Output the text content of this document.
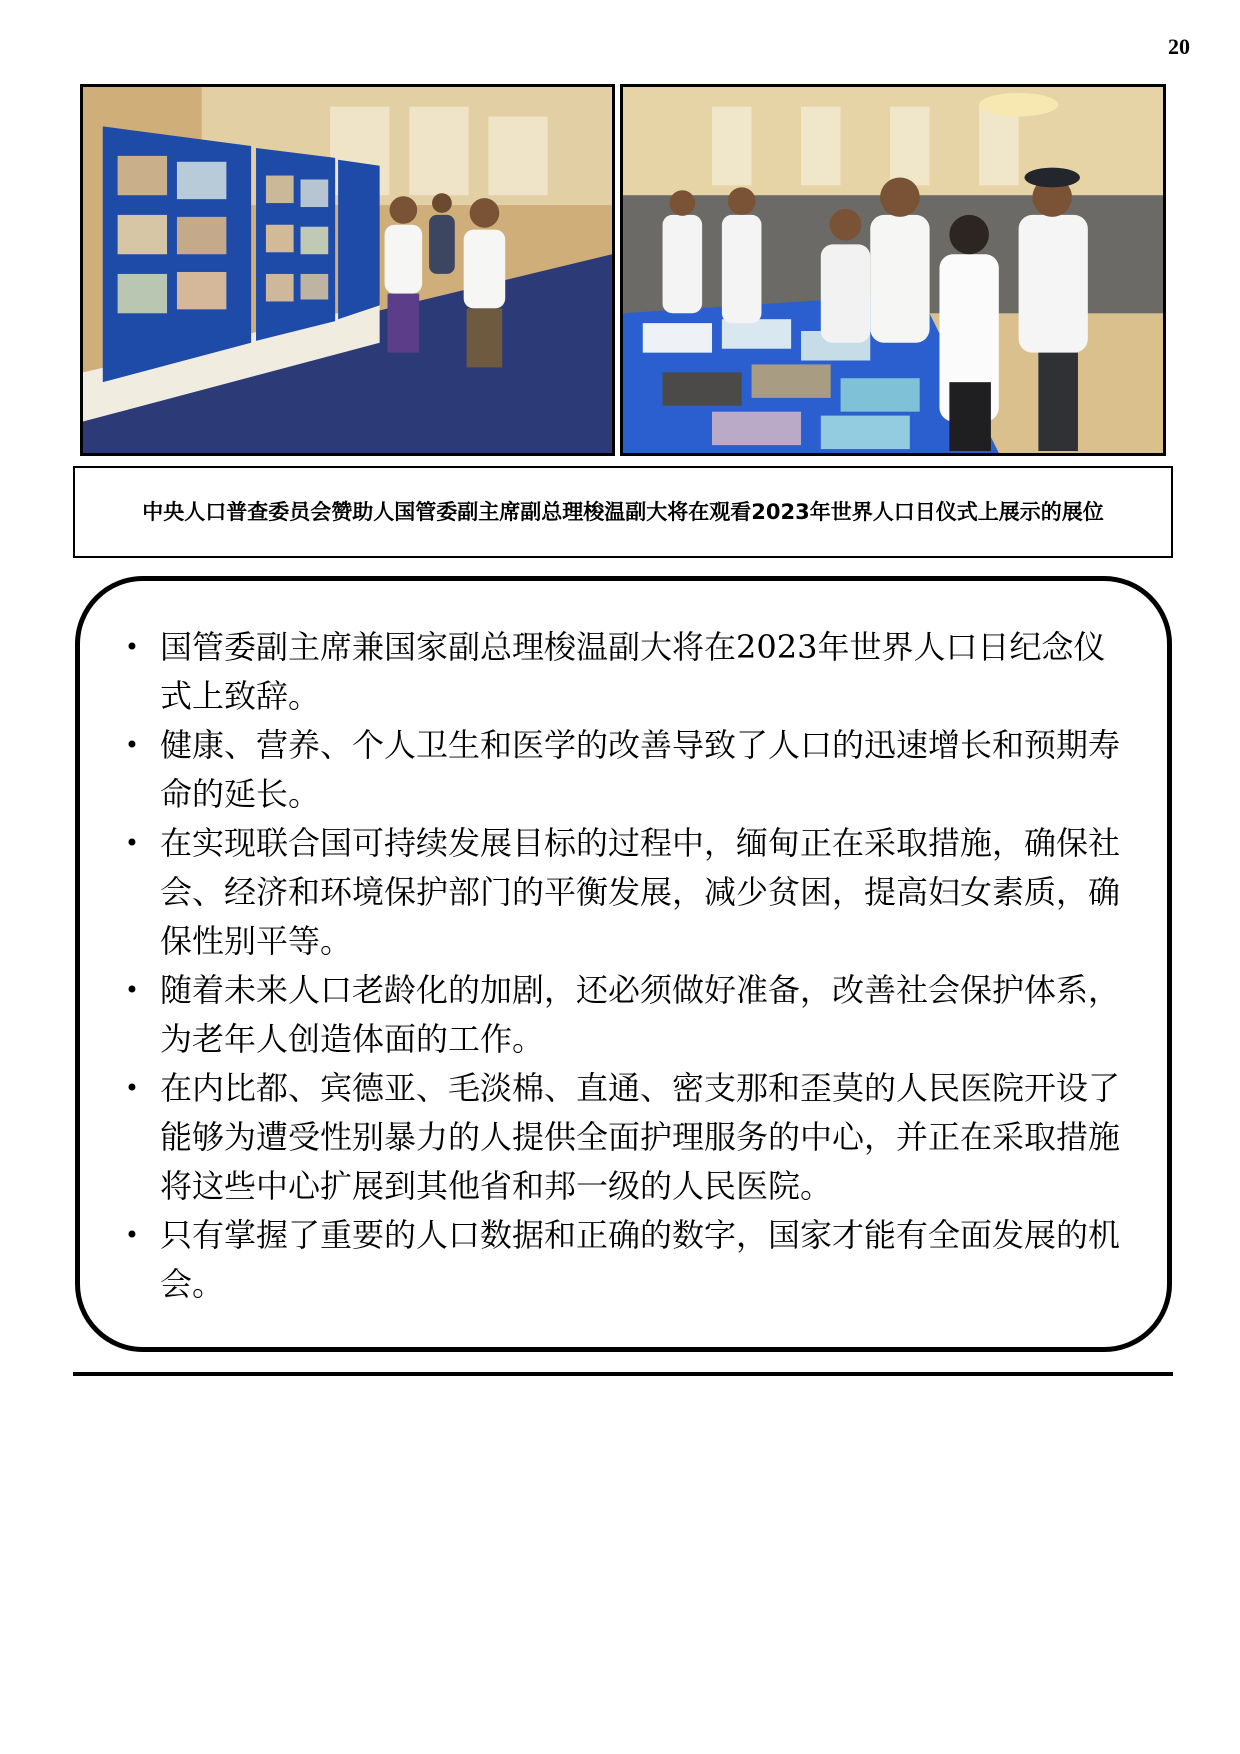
20
中央人口普查委员会赞助人国管委副主席副总理梭温副大将在观看2023年世界人口日仪式上展示的展位
• 国管委副主席兼国家副总理梭温副大将在2023年世界人口日纪念仪式上致辞。
• 健康、营养、个人卫生和医学的改善导致了人口的迅速增长和预期寿命的延长。
• 在实现联合国可持续发展目标的过程中，缅甸正在采取措施，确保社会、经济和环境保护部门的平衡发展，减少贫困，提高妇女素质，确保性别平等。
• 随着未来人口老龄化的加剧，还必须做好准备，改善社会保护体系，为老年人创造体面的工作。
• 在内比都、宾德亚、毛淡棉、直通、密支那和歪莫的人民医院开设了能够为遭受性别暴力的人提供全面护理服务的中心，并正在采取措施将这些中心扩展到其他省和邦一级的人民医院。
• 只有掌握了重要的人口数据和正确的数字，国家才能有全面发展的机会。
